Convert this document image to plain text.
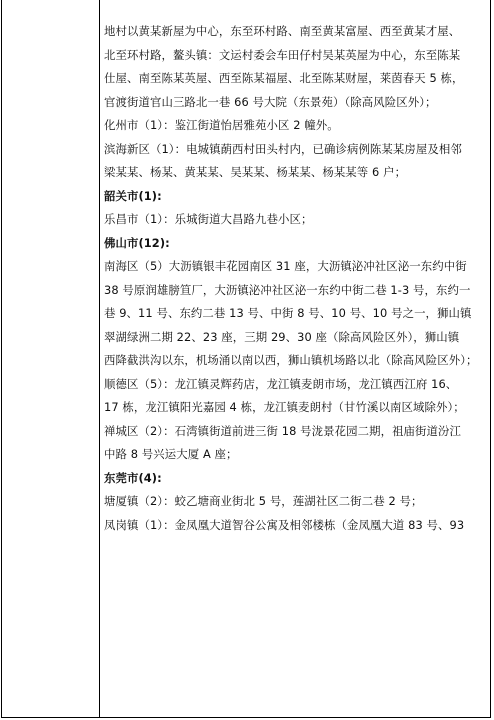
地村以黄某新屋为中心，东至环村路、南至黄某富屋、西至黄某才屋、
北至环村路，鳌头镇：文运村委会车田仔村吴某英屋为中心，东至陈某
仕屋、南至陈某英屋、西至陈某福屋、北至陈某财屋，莱茵春天 5 栋，
官渡街道官山三路北一巷 66 号大院（东景苑）（除高风险区外）；
化州市（1）：鉴江街道怡居雅苑小区 2 幢外。
滨海新区（1）：电城镇蓢西村田头村内，已确诊病例陈某某房屋及相邻
梁某某、杨某、黄某某、吴某某、杨某某、杨某某等 6 户；
韶关市(1):
乐昌市（1）：乐城街道大昌路九巷小区；
佛山市(12):
南海区（5）大沥镇银丰花园南区 31 座，大沥镇泌冲社区泌一东约中街
38 号原润雄膀笪厂，大沥镇泌冲社区泌一东约中街二巷 1-3 号，东约一
巷 9、11 号、东约二巷 13 号、中街 8 号、10 号、10 号之一，狮山镇
翠湖绿洲二期 22、23 座，三期 29、30 座（除高风险区外），狮山镇
西降截洪沟以东，机场涌以南以西，狮山镇机场路以北（除高风险区外）；
顺德区（5）：龙江镇灵辉药店，龙江镇麦朗市场，龙江镇西江府 16、
17 栋，龙江镇阳光嘉园 4 栋，龙江镇麦朗村（甘竹溪以南区域除外）；
禅城区（2）：石湾镇街道前进三街 18 号泷景花园二期，祖庙街道汾江
中路 8 号兴运大厦 A 座；
东莞市(4):
塘厦镇（2）：蛟乙塘商业街北 5 号，莲湖社区二街二巷 2 号；
凤岗镇（1）：金凤凰大道智谷公寓及相邻楼栋（金凤凰大道 83 号、93
